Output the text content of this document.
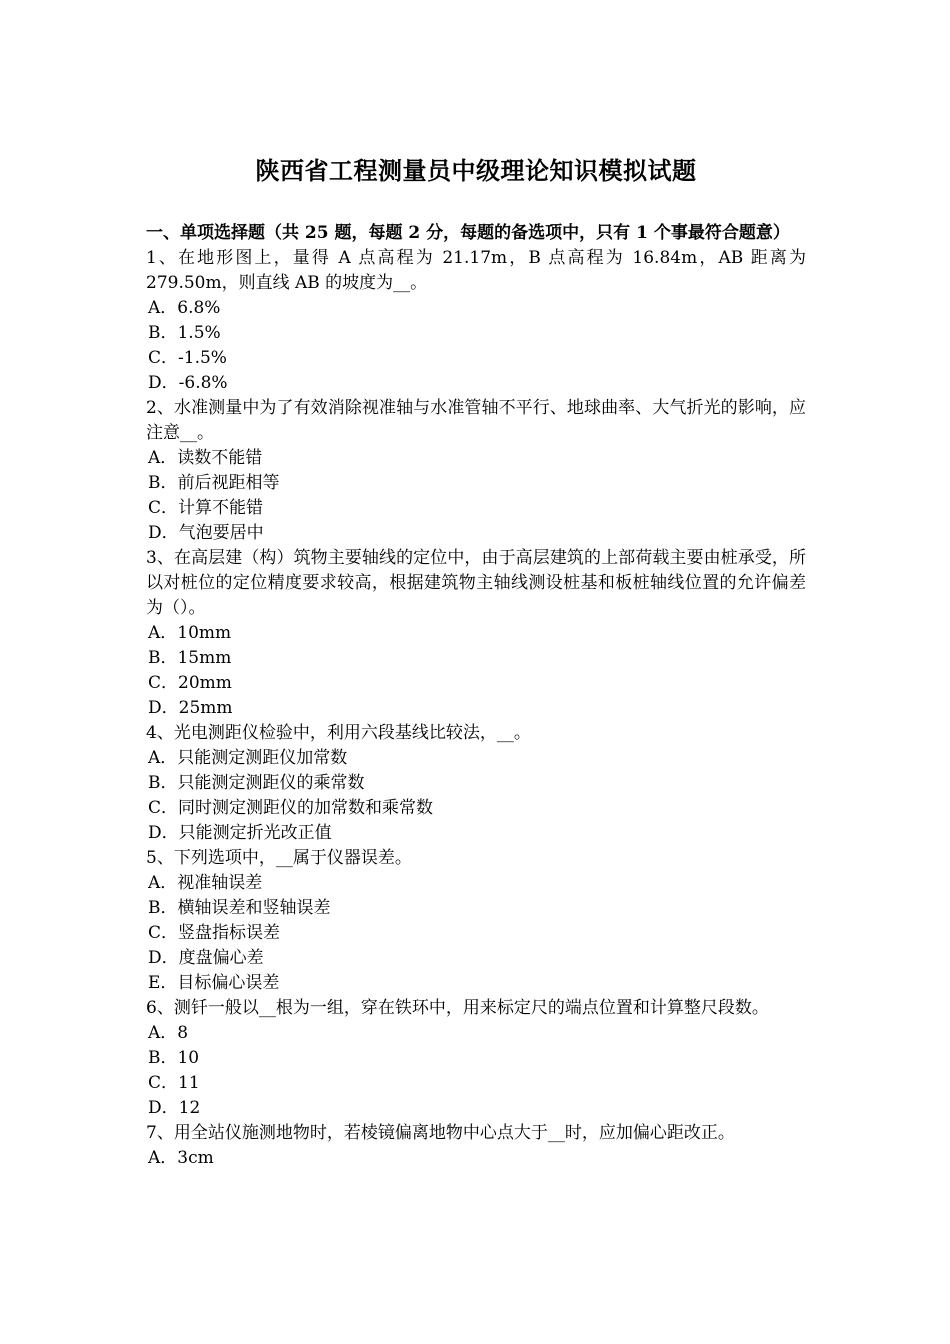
陕西省工程测量员中级理论知识模拟试题

一、单项选择题（共 25 题，每题 2 分，每题的备选项中，只有 1 个事最符合题意）

1、在地形图上，量得 A 点高程为 21.17m，B 点高程为 16.84m，AB 距离为 279.50m，则直线 AB 的坡度为__。

A．6.8%

B．1.5%

C．-1.5%

D．-6.8%

2、水准测量中为了有效消除视准轴与水准管轴不平行、地球曲率、大气折光的影响，应注意__。

A．读数不能错

B．前后视距相等

C．计算不能错

D．气泡要居中

3、在高层建（构）筑物主要轴线的定位中，由于高层建筑的上部荷载主要由桩承受，所以对桩位的定位精度要求较高，根据建筑物主轴线测设桩基和板桩轴线位置的允许偏差为（）。

A．10mm

B．15mm

C．20mm

D．25mm

4、光电测距仪检验中，利用六段基线比较法，__。

A．只能测定测距仪加常数

B．只能测定测距仪的乘常数

C．同时测定测距仪的加常数和乘常数

D．只能测定折光改正值

5、下列选项中，__属于仪器误差。

A．视准轴误差

B．横轴误差和竖轴误差

C．竖盘指标误差

D．度盘偏心差

E．目标偏心误差

6、测钎一般以__根为一组，穿在铁环中，用来标定尺的端点位置和计算整尺段数。

A．8

B．10

C．11

D．12

7、用全站仪施测地物时，若棱镜偏离地物中心点大于__时，应加偏心距改正。

A．3cm
